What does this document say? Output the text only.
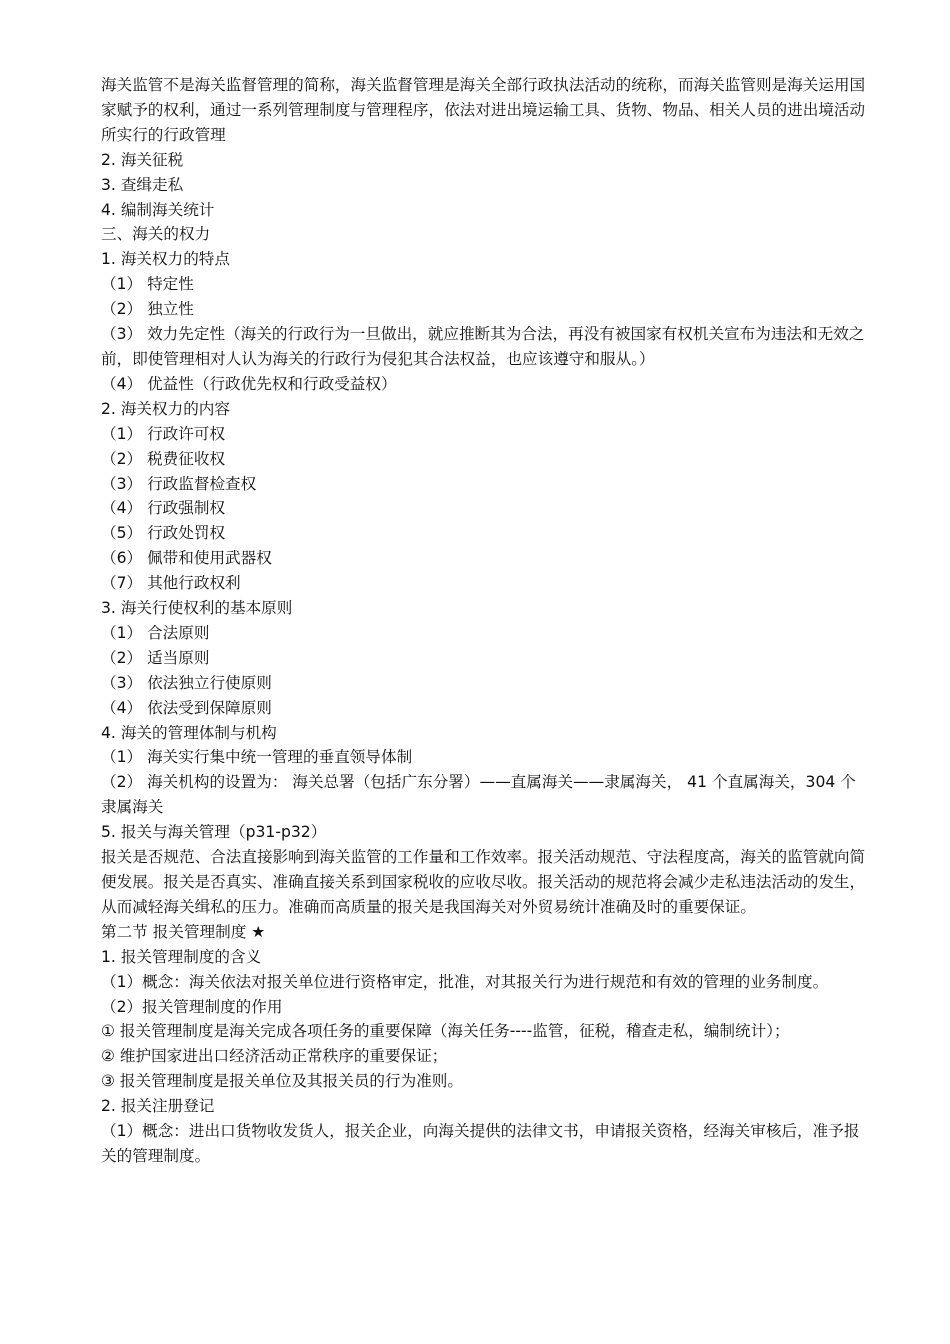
海关监管不是海关监督管理的简称，海关监督管理是海关全部行政执法活动的统称，而海关监管则是海关运用国家赋予的权利，通过一系列管理制度与管理程序，依法对进出境运输工具、货物、物品、相关人员的进出境活动所实行的行政管理

2. 海关征税

3. 查缉走私

4. 编制海关统计

三、海关的权力

1. 海关权力的特点

（1） 特定性

（2） 独立性

（3） 效力先定性（海关的行政行为一旦做出，就应推断其为合法，再没有被国家有权机关宣布为违法和无效之前，即使管理相对人认为海关的行政行为侵犯其合法权益，也应该遵守和服从。）

（4） 优益性（行政优先权和行政受益权）

2. 海关权力的内容

（1） 行政许可权

（2） 税费征收权

（3） 行政监督检查权

（4） 行政强制权

（5） 行政处罚权

（6） 佩带和使用武器权

（7） 其他行政权利

3. 海关行使权利的基本原则

（1） 合法原则

（2） 适当原则

（3） 依法独立行使原则

（4） 依法受到保障原则

4. 海关的管理体制与机构

（1） 海关实行集中统一管理的垂直领导体制

（2） 海关机构的设置为： 海关总署（包括广东分署）——直属海关——隶属海关， 41 个直属海关，304 个隶属海关

5. 报关与海关管理（p31-p32）

报关是否规范、合法直接影响到海关监管的工作量和工作效率。报关活动规范、守法程度高，海关的监管就向简便发展。报关是否真实、准确直接关系到国家税收的应收尽收。报关活动的规范将会减少走私违法活动的发生，从而减轻海关缉私的压力。准确而高质量的报关是我国海关对外贸易统计准确及时的重要保证。

第二节 报关管理制度 ★

1. 报关管理制度的含义

（1）概念：海关依法对报关单位进行资格审定，批准，对其报关行为进行规范和有效的管理的业务制度。

（2）报关管理制度的作用

① 报关管理制度是海关完成各项任务的重要保障（海关任务----监管，征税，稽查走私，编制统计）；

② 维护国家进出口经济活动正常秩序的重要保证；

③ 报关管理制度是报关单位及其报关员的行为准则。

2. 报关注册登记

（1）概念：进出口货物收发货人，报关企业，向海关提供的法律文书，申请报关资格，经海关审核后，准予报关的管理制度。
